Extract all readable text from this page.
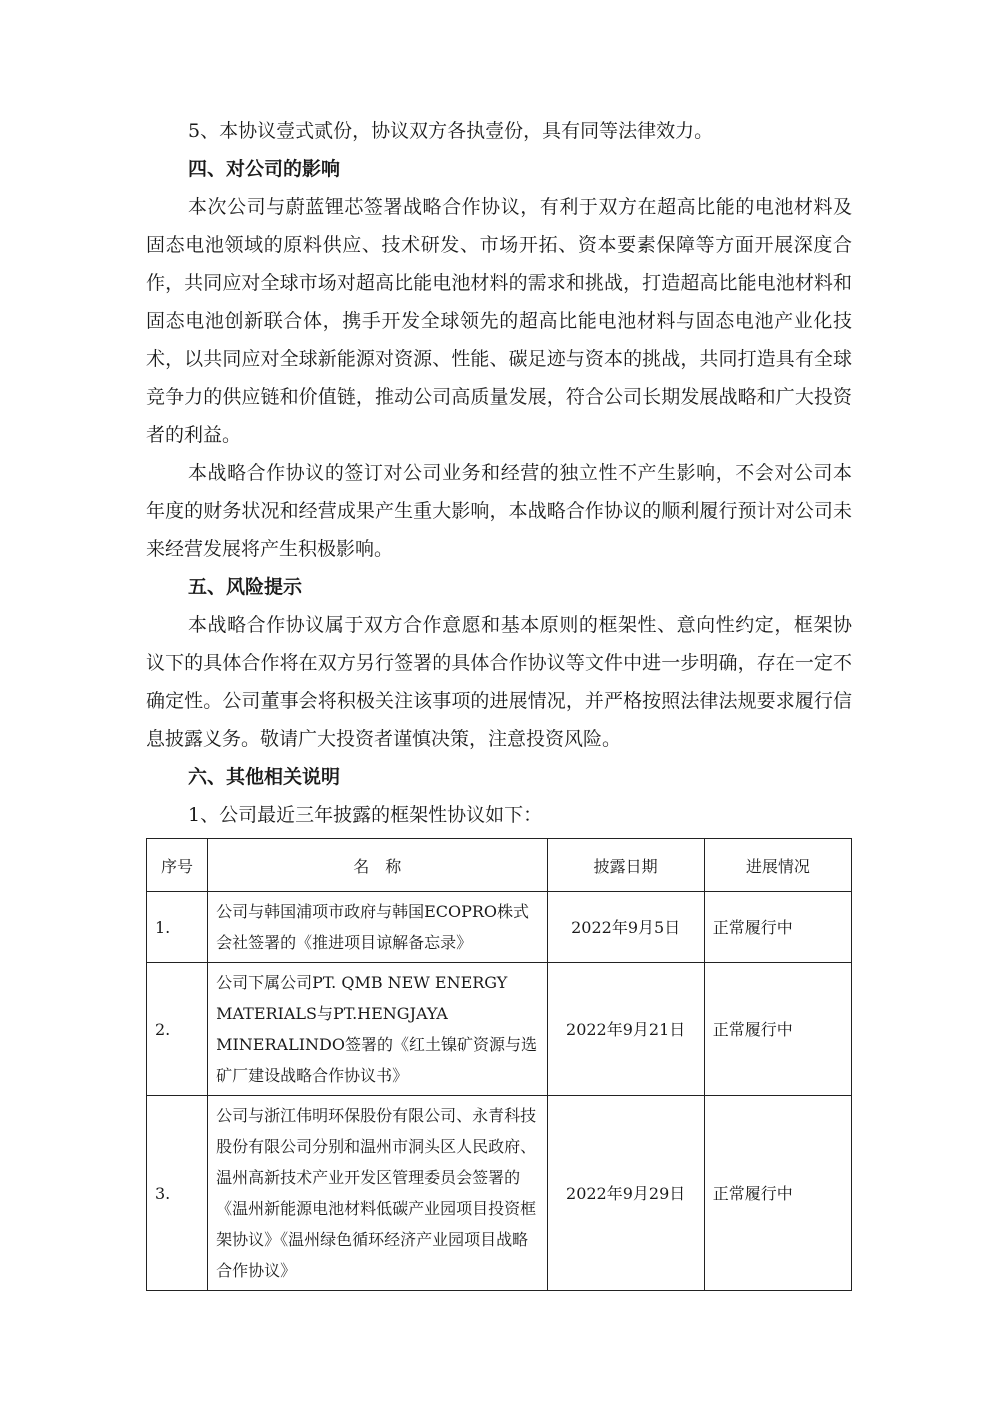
5、本协议壹式贰份，协议双方各执壹份，具有同等法律效力。

四、对公司的影响

本次公司与蔚蓝锂芯签署战略合作协议，有利于双方在超高比能的电池材料及固态电池领域的原料供应、技术研发、市场开拓、资本要素保障等方面开展深度合作，共同应对全球市场对超高比能电池材料的需求和挑战，打造超高比能电池材料和固态电池创新联合体，携手开发全球领先的超高比能电池材料与固态电池产业化技术，以共同应对全球新能源对资源、性能、碳足迹与资本的挑战，共同打造具有全球竞争力的供应链和价值链，推动公司高质量发展，符合公司长期发展战略和广大投资者的利益。

本战略合作协议的签订对公司业务和经营的独立性不产生影响，不会对公司本年度的财务状况和经营成果产生重大影响，本战略合作协议的顺利履行预计对公司未来经营发展将产生积极影响。

五、风险提示

本战略合作协议属于双方合作意愿和基本原则的框架性、意向性约定，框架协议下的具体合作将在双方另行签署的具体合作协议等文件中进一步明确，存在一定不确定性。公司董事会将积极关注该事项的进展情况，并严格按照法律法规要求履行信息披露义务。敬请广大投资者谨慎决策，注意投资风险。

六、其他相关说明

1、公司最近三年披露的框架性协议如下：

序号	名　称	披露日期	进展情况
1.	公司与韩国浦项市政府与韩国ECOPRO株式会社签署的《推进项目谅解备忘录》	2022年9月5日	正常履行中
2.	公司下属公司PT. QMB NEW ENERGY MATERIALS与PT.HENGJAYA MINERALINDO签署的《红土镍矿资源与选矿厂建设战略合作协议书》	2022年9月21日	正常履行中
3.	公司与浙江伟明环保股份有限公司、永青科技股份有限公司分别和温州市洞头区人民政府、温州高新技术产业开发区管理委员会签署的《温州新能源电池材料低碳产业园项目投资框架协议》《温州绿色循环经济产业园项目战略合作协议》	2022年9月29日	正常履行中
